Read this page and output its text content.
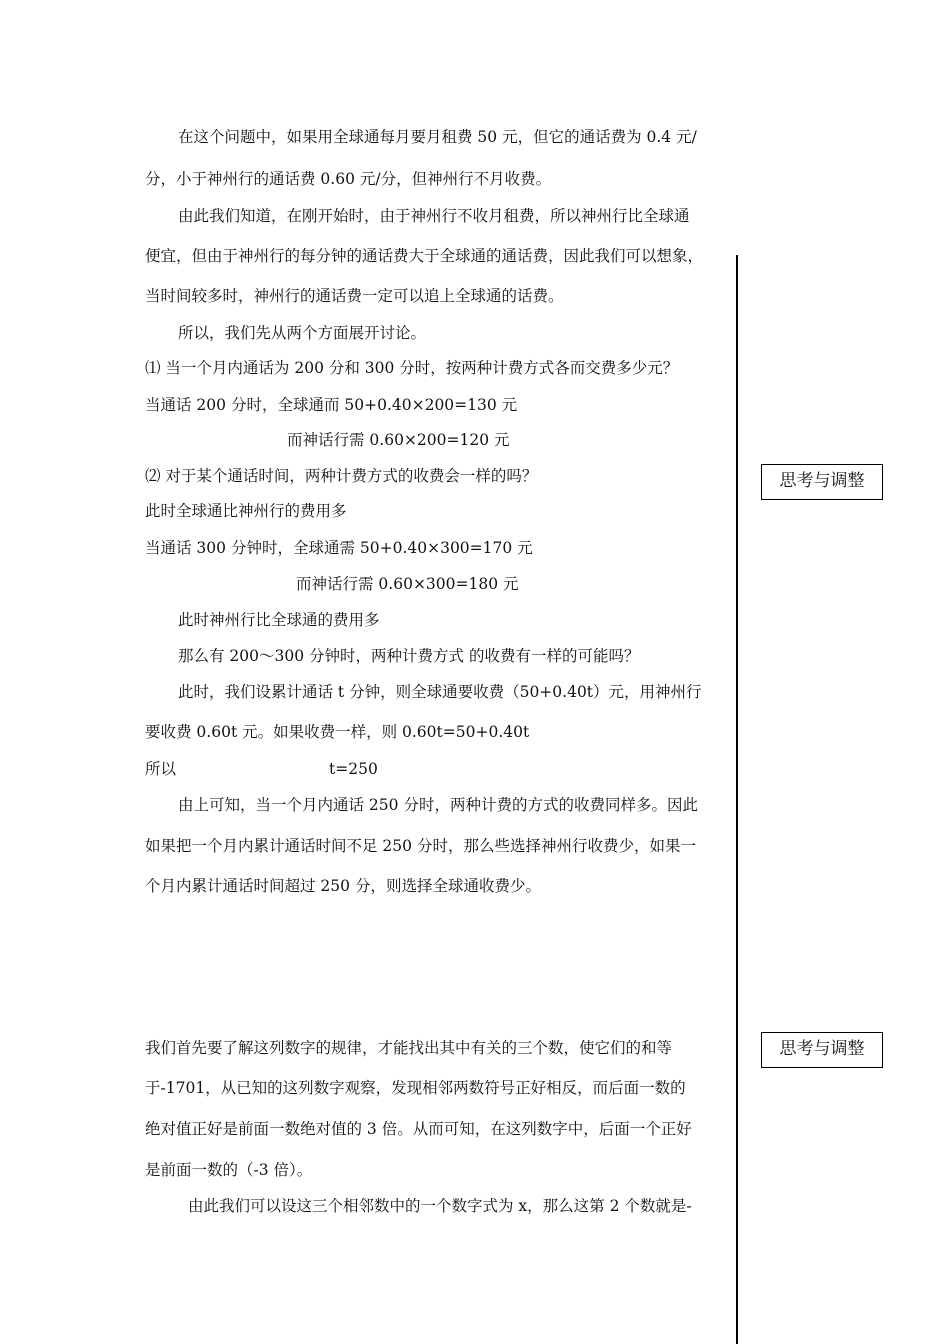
在这个问题中，如果用全球通每月要月租费 50 元，但它的通话费为 0.4 元/
分，小于神州行的通话费 0.60 元/分，但神州行不月收费。
由此我们知道，在刚开始时，由于神州行不收月租费，所以神州行比全球通
便宜，但由于神州行的每分钟的通话费大于全球通的通话费，因此我们可以想象，
当时间较多时，神州行的通话费一定可以追上全球通的话费。
所以，我们先从两个方面展开讨论。
⑴ 当一个月内通话为 200 分和 300 分时，按两种计费方式各而交费多少元？
当通话 200 分时，全球通而 50+0.40×200=130 元
而神话行需 0.60×200=120 元
⑵ 对于某个通话时间，两种计费方式的收费会一样的吗？
此时全球通比神州行的费用多
当通话 300 分钟时，全球通需 50+0.40×300=170 元
而神话行需 0.60×300=180 元
此时神州行比全球通的费用多
那么有 200～300 分钟时，两种计费方式 的收费有一样的可能吗？
此时，我们设累计通话 t 分钟，则全球通要收费（50+0.40t）元，用神州行
要收费 0.60t 元。如果收费一样，则 0.60t=50+0.40t
所以	t=250
由上可知，当一个月内通话 250 分时，两种计费的方式的收费同样多。因此
如果把一个月内累计通话时间不足 250 分时，那么些选择神州行收费少，如果一
个月内累计通话时间超过 250 分，则选择全球通收费少。
我们首先要了解这列数字的规律，才能找出其中有关的三个数，使它们的和等
于-1701，从已知的这列数字观察，发现相邻两数符号正好相反，而后面一数的
绝对值正好是前面一数绝对值的 3 倍。从而可知，在这列数字中，后面一个正好
是前面一数的（-3 倍）。
由此我们可以设这三个相邻数中的一个数字式为 x，那么这第 2 个数就是-
思考与调整
思考与调整
